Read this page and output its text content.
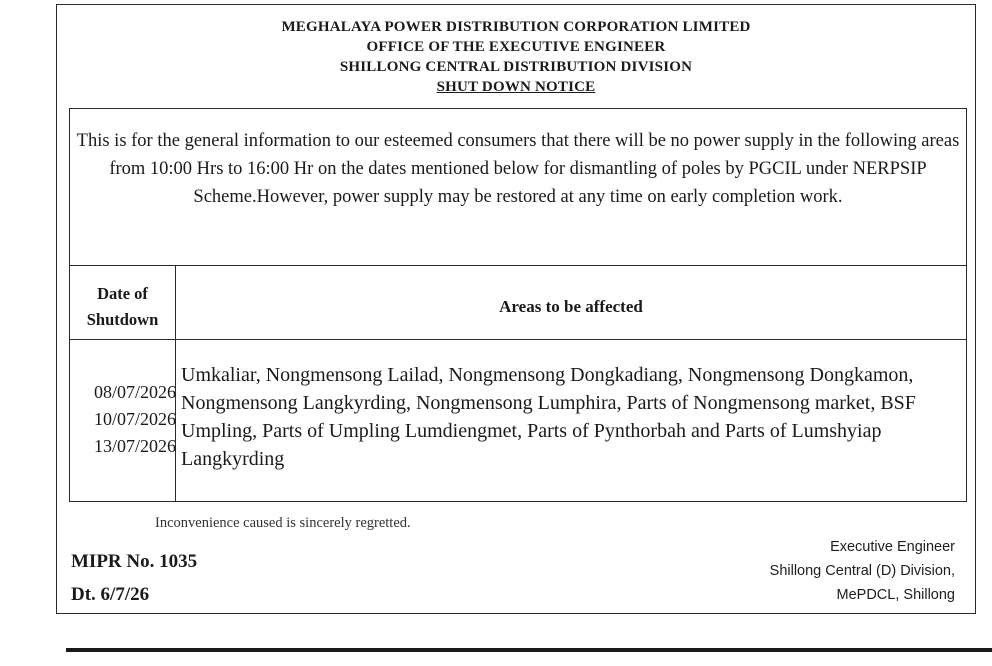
MEGHALAYA POWER DISTRIBUTION CORPORATION LIMITED
OFFICE OF THE EXECUTIVE ENGINEER
SHILLONG CENTRAL DISTRIBUTION DIVISION
SHUT DOWN NOTICE
This is for the general information to our esteemed consumers that there will be no power supply in the following areas from 10:00 Hrs to 16:00 Hr on the dates mentioned below for dismantling of poles by PGCIL under NERPSIP Scheme.However, power supply may be restored at any time on early completion work.
Date of
Shutdown
Areas to be affected
08/07/2026
10/07/2026
13/07/2026
Umkaliar, Nongmensong Lailad, Nongmensong Dongkadiang, Nongmensong Dongkamon, Nongmensong Langkyrding, Nongmensong Lumphira, Parts of Nongmensong market, BSF Umpling, Parts of Umpling Lumdiengmet, Parts of Pynthorbah and Parts of Lumshyiap Langkyrding
Inconvenience caused is sincerely regretted.
MIPR No. 1035
Dt. 6/7/26
Executive Engineer
Shillong Central (D) Division,
MePDCL, Shillong
